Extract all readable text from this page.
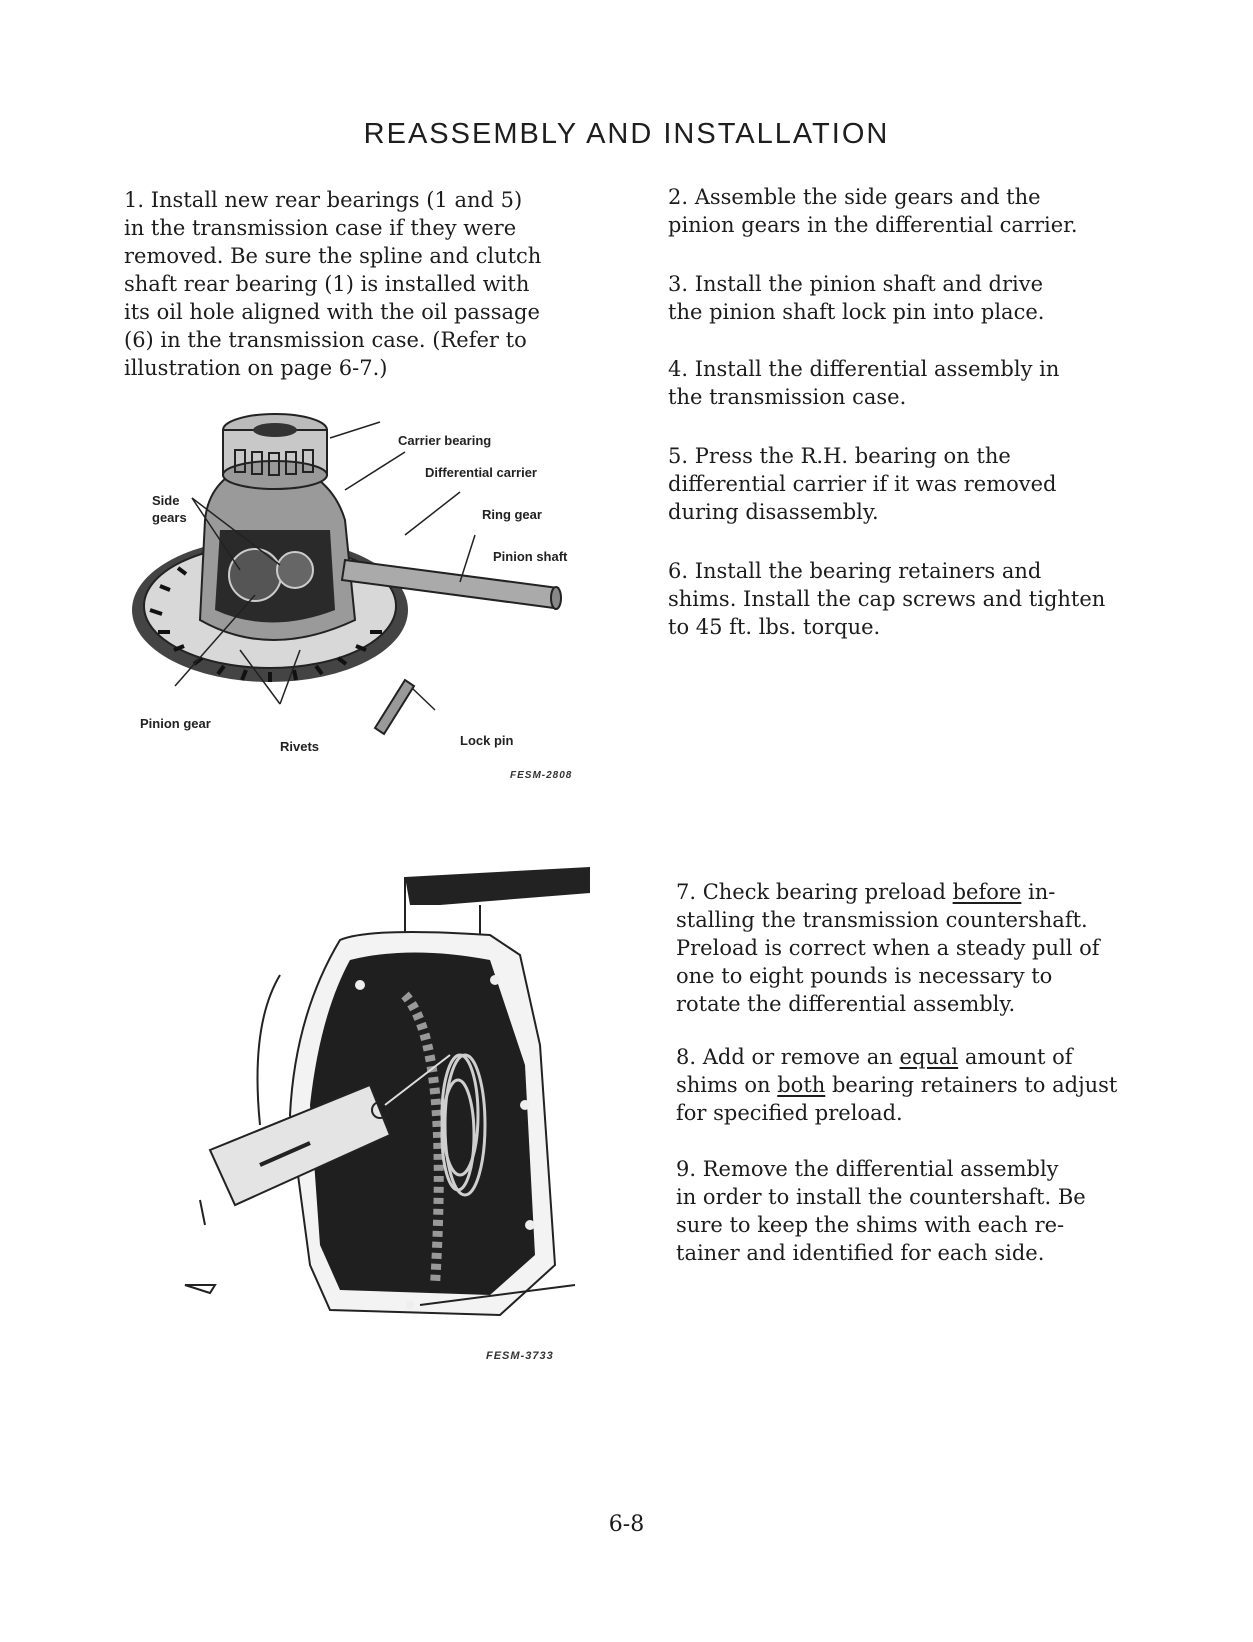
REASSEMBLY AND INSTALLATION
1. Install new rear bearings (1 and 5)
in the transmission case if they were
removed. Be sure the spline and clutch
shaft rear bearing (1) is installed with
its oil hole aligned with the oil passage
(6) in the transmission case. (Refer to
illustration on page 6-7.)
2. Assemble the side gears and the
pinion gears in the differential carrier.
3. Install the pinion shaft and drive
the pinion shaft lock pin into place.
4. Install the differential assembly in
the transmission case.
5. Press the R.H. bearing on the
differential carrier if it was removed
during disassembly.
6. Install the bearing retainers and
shims. Install the cap screws and tighten
to 45 ft. lbs. torque.
7. Check bearing preload before in-
stalling the transmission countershaft.
Preload is correct when a steady pull of
one to eight pounds is necessary to
rotate the differential assembly.
8. Add or remove an equal amount of
shims on both bearing retainers to adjust
for specified preload.
9. Remove the differential assembly
in order to install the countershaft. Be
sure to keep the shims with each re-
tainer and identified for each side.
Carrier bearing
Differential carrier
Side
gears	Ring gear
Pinion shaft
Pinion gear
Rivets	Lock pin
FESM-2808
FESM-3733
6-8
